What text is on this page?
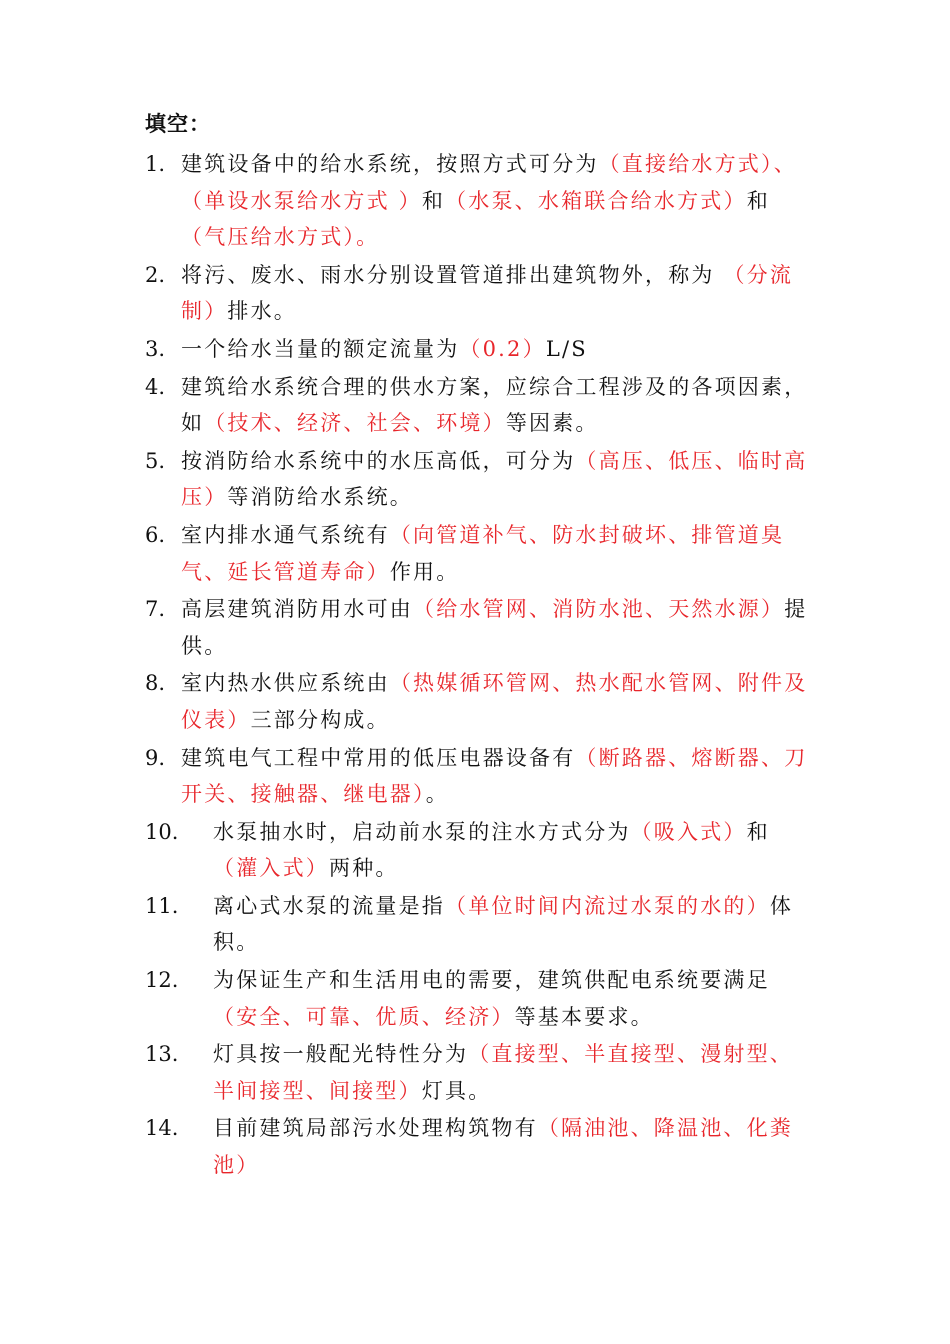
填空：
1. 建筑设备中的给水系统，按照方式可分为（直接给水方式）、（单设水泵给水方式 ）和（水泵、水箱联合给水方式）和（气压给水方式）。
2. 将污、废水、雨水分别设置管道排出建筑物外，称为 （分流制）排水。
3. 一个给水当量的额定流量为（0.2）L/S
4. 建筑给水系统合理的供水方案，应综合工程涉及的各项因素，如（技术、经济、社会、环境）等因素。
5. 按消防给水系统中的水压高低，可分为（高压、低压、临时高压）等消防给水系统。
6. 室内排水通气系统有（向管道补气、防水封破坏、排管道臭气、延长管道寿命）作用。
7. 高层建筑消防用水可由（给水管网、消防水池、天然水源）提供。
8. 室内热水供应系统由（热媒循环管网、热水配水管网、附件及仪表）三部分构成。
9. 建筑电气工程中常用的低压电器设备有（断路器、熔断器、刀开关、接触器、继电器）。
10. 水泵抽水时，启动前水泵的注水方式分为（吸入式）和（灌入式）两种。
11. 离心式水泵的流量是指（单位时间内流过水泵的水的）体积。
12. 为保证生产和生活用电的需要，建筑供配电系统要满足（安全、可靠、优质、经济）等基本要求。
13. 灯具按一般配光特性分为（直接型、半直接型、漫射型、半间接型、间接型）灯具。
14. 目前建筑局部污水处理构筑物有（隔油池、降温池、化粪池）
